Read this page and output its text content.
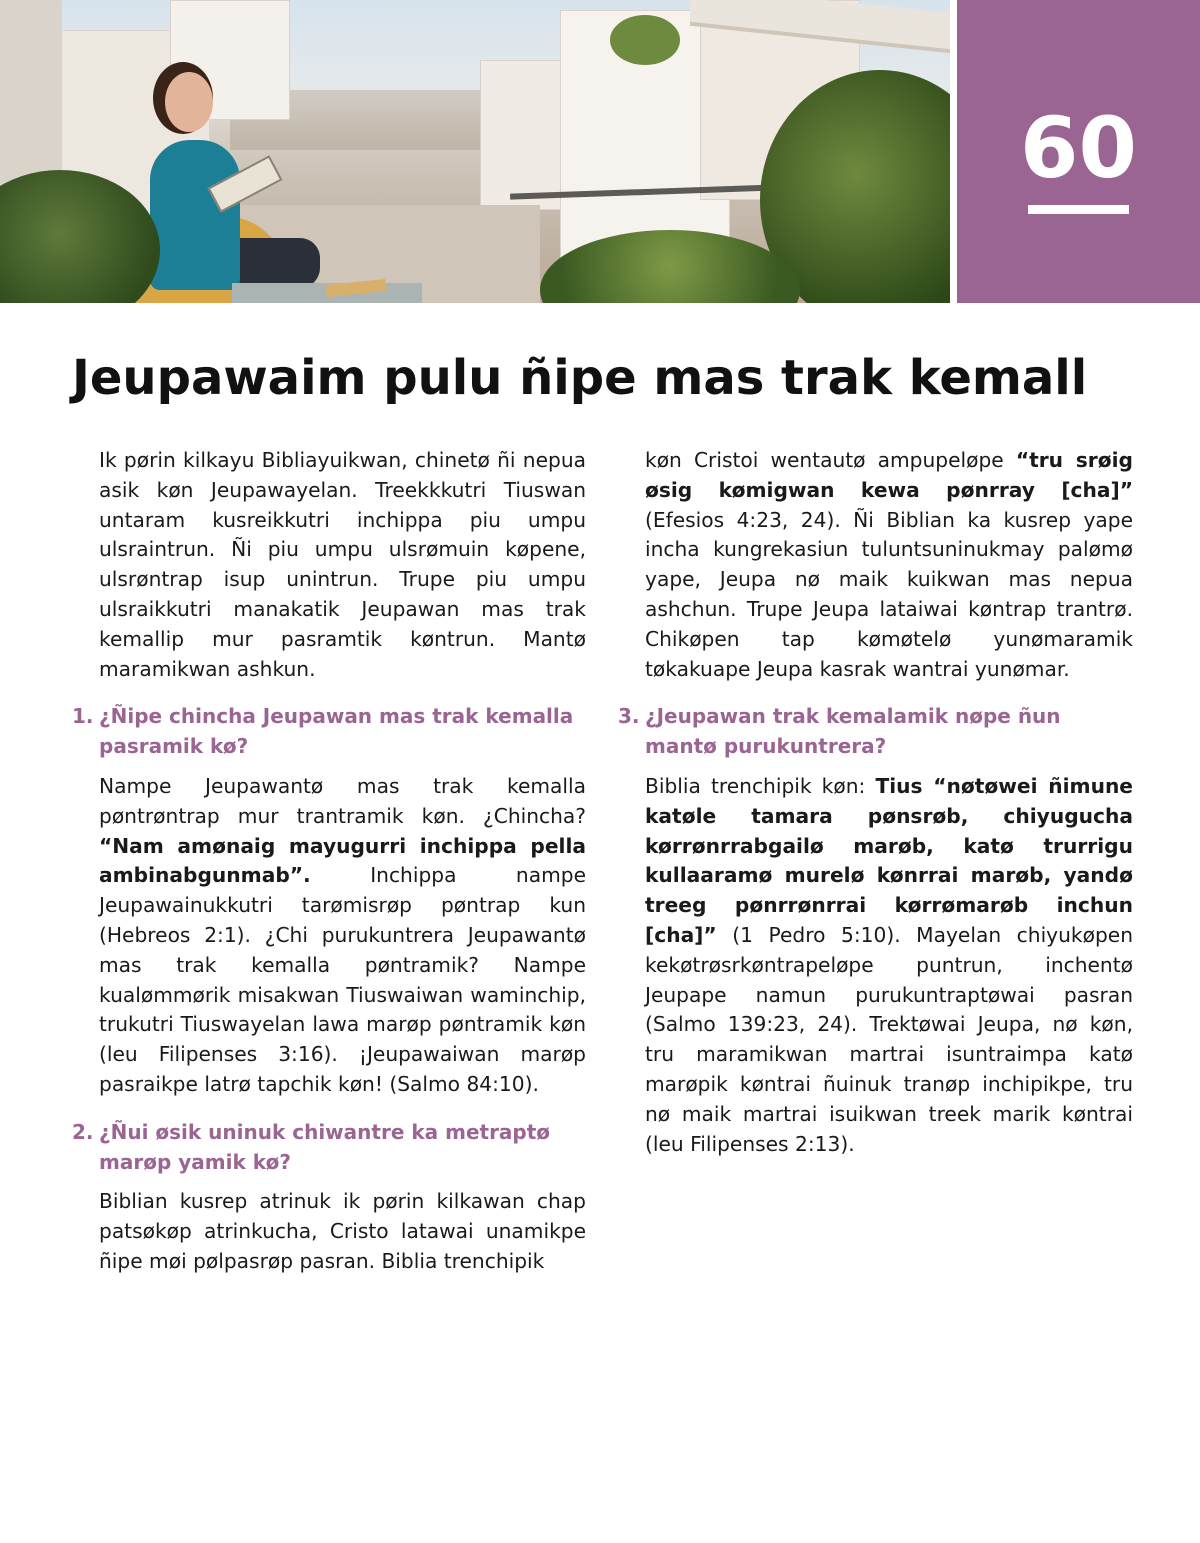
60
Jeupawaim pulu ñipe mas trak kemall

Ik pørin kilkayu Bibliayuikwan, chinetø ñi nepua asik køn Jeupawayelan. Treekkkutri Tiuswan untaram kusreikkutri inchippa piu umpu ulsraintrun. Ñi piu umpu ulsrømuin køpene, ulsrøntrap isup unintrun. Trupe piu umpu ulsraikkutri manakatik Jeupawan mas trak kemallip mur pasramtik køntrun. Mantø maramikwan ashkun.

1. ¿Ñipe chincha Jeupawan mas trak kemalla pasramik kø?

Nampe Jeupawantø mas trak kemalla pøntrøntrap mur trantramik køn. ¿Chincha? “Nam amønaig mayugurri inchippa pella ambinabgunmab”. Inchippa nampe Jeupawainukkutri tarømisrøp pøntrap kun (Hebreos 2:1). ¿Chi purukuntrera Jeupawantø mas trak kemalla pøntramik? Nampe kualømmørik misakwan Tiuswaiwan waminchip, trukutri Tiuswayelan lawa marøp pøntramik køn (leu Filipenses 3:16). ¡Jeupawaiwan marøp pasraikpe latrø tapchik køn! (Salmo 84:10).

2. ¿Ñui øsik uninuk chiwantre ka metraptø marøp yamik kø?

Biblian kusrep atrinuk ik pørin kilkawan chap patsøkøp atrinkucha, Cristo latawai unamikpe ñipe møi pølpasrøp pasran. Biblia trenchipik

køn Cristoi wentautø ampupeløpe “tru srøig øsig kømigwan kewa pønrray [cha]” (Efesios 4:23, 24). Ñi Biblian ka kusrep yape incha kungrekasiun tuluntsuninukmay palømø yape, Jeupa nø maik kuikwan mas nepua ashchun. Trupe Jeupa lataiwai køntrap trantrø. Chikøpen tap kømøtelø yunømaramik tøkakuape Jeupa kasrak wantrai yunømar.

3. ¿Jeupawan trak kemalamik nøpe ñun mantø purukuntrera?

Biblia trenchipik køn: Tius “nøtøwei ñimune katøle tamara pønsrøb, chiyugucha kørrønrrabgailø marøb, katø trurrigu kullaaramø murelø kønrrai marøb, yandø treeg pønrrønrrai kørrømarøb inchun [cha]” (1 Pedro 5:10). Mayelan chiyukøpen kekøtrøsrkøntrapeløpe puntrun, inchentø Jeupape namun purukuntraptøwai pasran (Salmo 139:23, 24). Trektøwai Jeupa, nø køn, tru maramikwan martrai isuntraimpa katø marøpik køntrai ñuinuk tranøp inchipikpe, tru nø maik martrai isuikwan treek marik køntrai (leu Filipenses 2:13).
